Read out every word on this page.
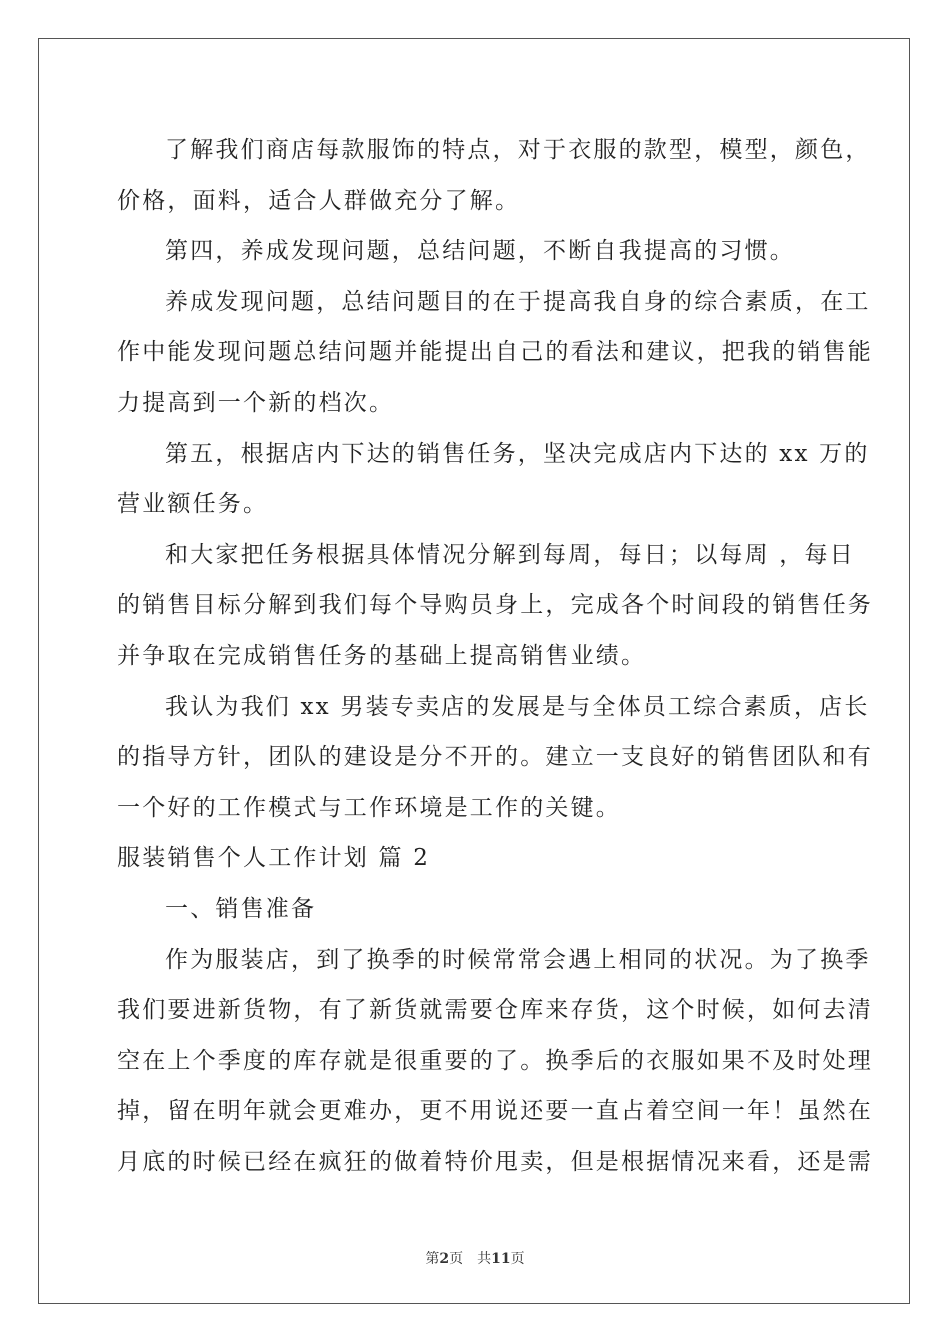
了解我们商店每款服饰的特点，对于衣服的款型，模型，颜色，
价格，面料，适合人群做充分了解。
第四，养成发现问题，总结问题，不断自我提高的习惯。
养成发现问题，总结问题目的在于提高我自身的综合素质，在工
作中能发现问题总结问题并能提出自己的看法和建议，把我的销售能
力提高到一个新的档次。
第五，根据店内下达的销售任务，坚决完成店内下达的 xx 万的
营业额任务。
和大家把任务根据具体情况分解到每周，每日；以每周 ，每日
的销售目标分解到我们每个导购员身上，完成各个时间段的销售任务
并争取在完成销售任务的基础上提高销售业绩。
我认为我们 xx 男装专卖店的发展是与全体员工综合素质，店长
的指导方针，团队的建设是分不开的。建立一支良好的销售团队和有
一个好的工作模式与工作环境是工作的关键。
服装销售个人工作计划 篇 2
一、销售准备
作为服装店，到了换季的时候常常会遇上相同的状况。为了换季
我们要进新货物，有了新货就需要仓库来存货，这个时候，如何去清
空在上个季度的库存就是很重要的了。换季后的衣服如果不及时处理
掉，留在明年就会更难办，更不用说还要一直占着空间一年！虽然在
月底的时候已经在疯狂的做着特价甩卖，但是根据情况来看，还是需
第2页 共11页
